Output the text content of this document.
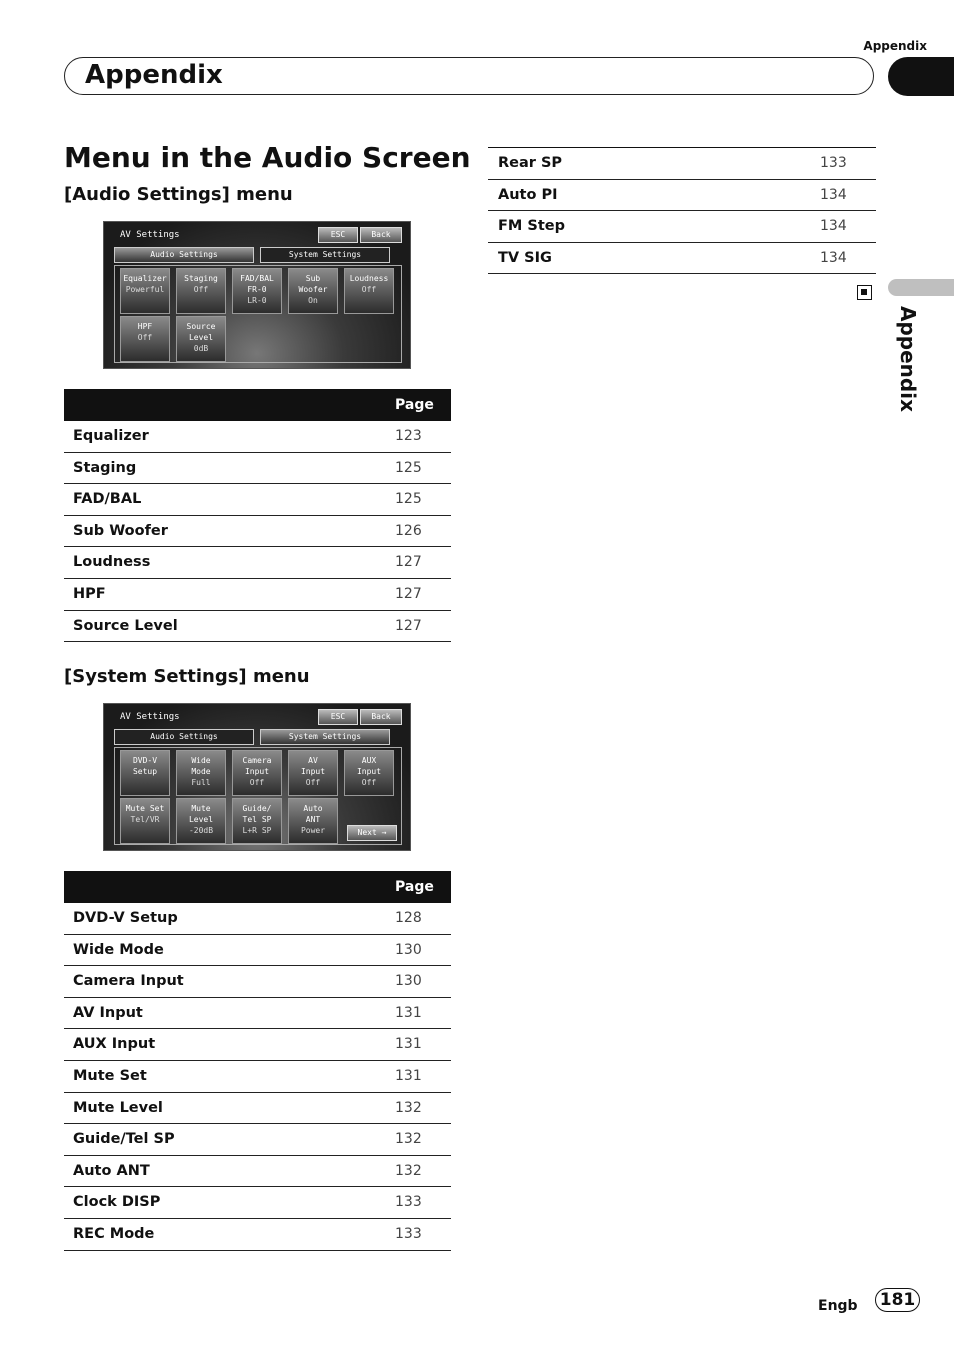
Appendix
Appendix
Appendix
Menu in the Audio Screen
[Audio Settings] menu
AV Settings	ESC	Back
Audio Settings	System Settings
Equalizer
Powerful
Staging
Off
FAD/BAL
FR-0
LR-0
Sub
Woofer
On
Loudness
Off
HPF
Off
Source
Level
0dB
Page
Equalizer	123
Staging	125
FAD/BAL	125
Sub Woofer	126
Loudness	127
HPF	127
Source Level	127
[System Settings] menu
AV Settings	ESC	Back
Audio Settings	System Settings
DVD-V
Setup
Wide
Mode
Full
Camera
Input
Off
AV
Input
Off
AUX
Input
Off
Mute Set
Tel/VR
Mute
Level
-20dB
Guide/
Tel SP
L+R SP
Auto
ANT
Power	Next →
Page
DVD-V Setup	128
Wide Mode	130
Camera Input	130
AV Input	131
AUX Input	131
Mute Set	131
Mute Level	132
Guide/Tel SP	132
Auto ANT	132
Clock DISP	133
REC Mode	133
Rear SP	133
Auto PI	134
FM Step	134
TV SIG	134
Engb 181
